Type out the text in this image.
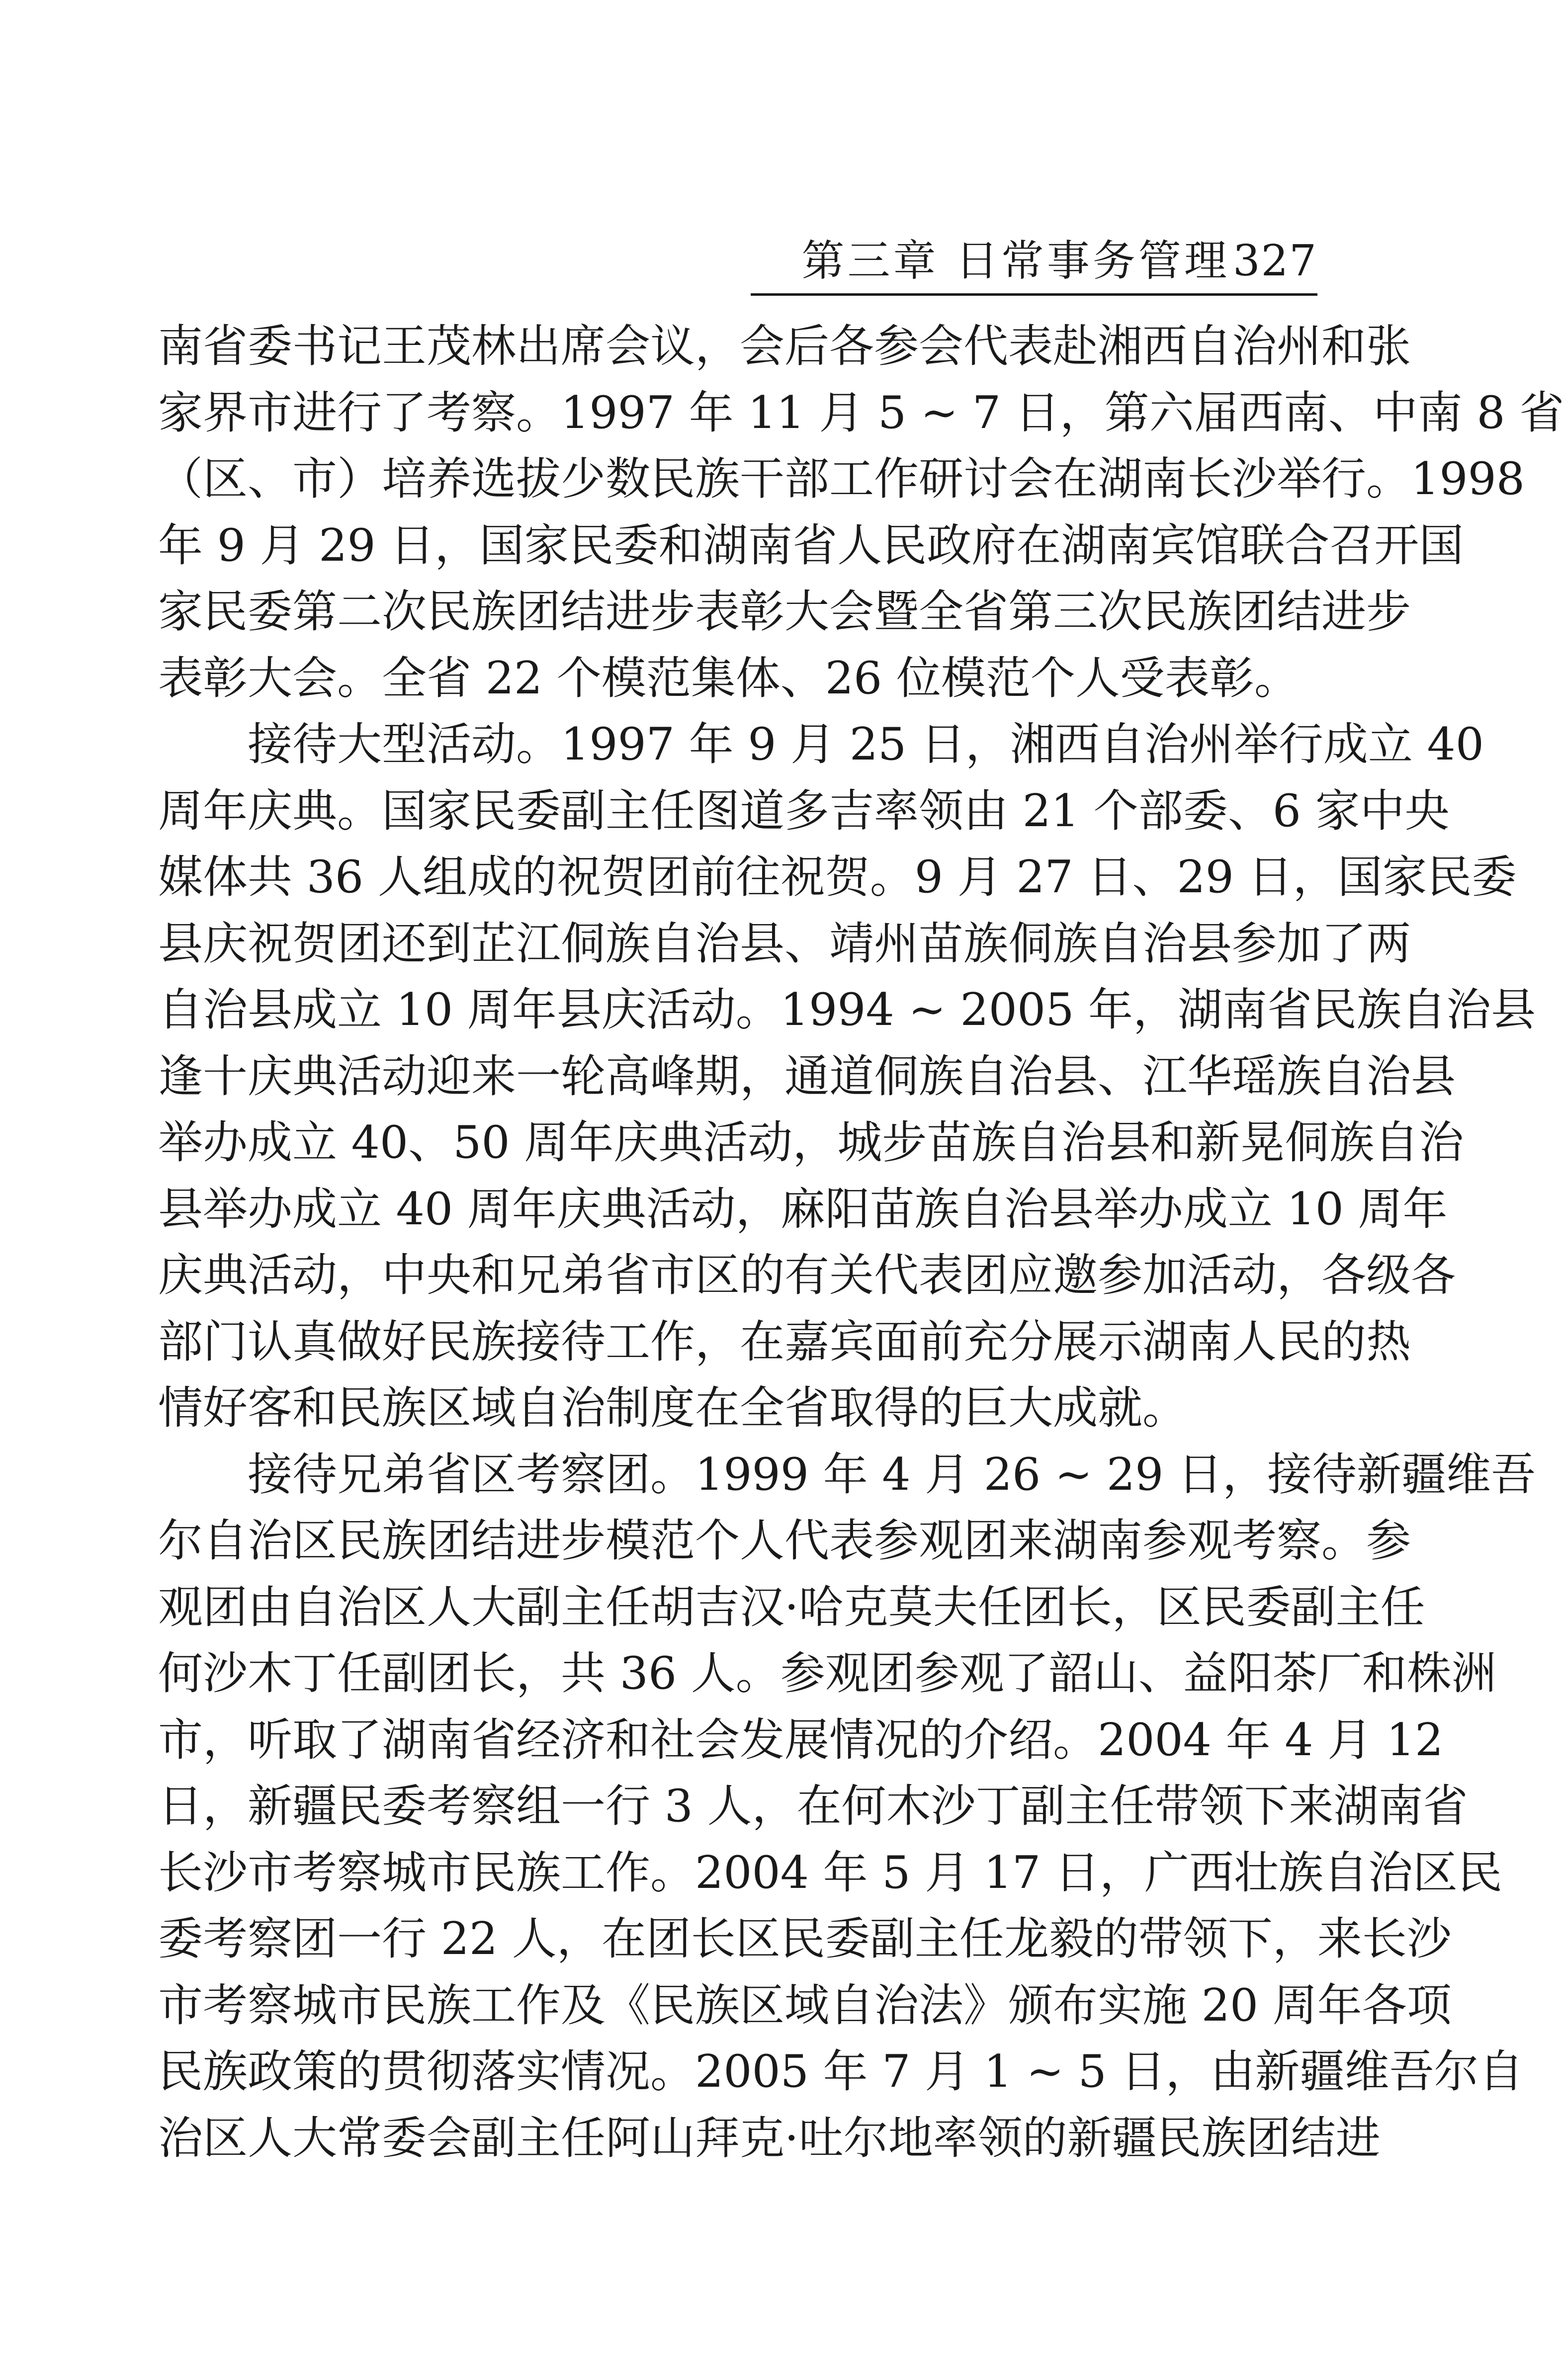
第三章 日常事务管理327
南省委书记王茂林出席会议，会后各参会代表赴湘西自治州和张
家界市进行了考察。1997 年 11 月 5 ~ 7 日，第六届西南、中南 8 省
（区、市）培养选拔少数民族干部工作研讨会在湖南长沙举行。1998
年 9 月 29 日，国家民委和湖南省人民政府在湖南宾馆联合召开国
家民委第二次民族团结进步表彰大会暨全省第三次民族团结进步
表彰大会。全省 22 个模范集体、26 位模范个人受表彰。
接待大型活动。1997 年 9 月 25 日，湘西自治州举行成立 40
周年庆典。国家民委副主任图道多吉率领由 21 个部委、6 家中央
媒体共 36 人组成的祝贺团前往祝贺。9 月 27 日、29 日，国家民委
县庆祝贺团还到芷江侗族自治县、靖州苗族侗族自治县参加了两
自治县成立 10 周年县庆活动。1994 ~ 2005 年，湖南省民族自治县
逢十庆典活动迎来一轮高峰期，通道侗族自治县、江华瑶族自治县
举办成立 40、50 周年庆典活动，城步苗族自治县和新晃侗族自治
县举办成立 40 周年庆典活动，麻阳苗族自治县举办成立 10 周年
庆典活动，中央和兄弟省市区的有关代表团应邀参加活动，各级各
部门认真做好民族接待工作，在嘉宾面前充分展示湖南人民的热
情好客和民族区域自治制度在全省取得的巨大成就。
接待兄弟省区考察团。1999 年 4 月 26 ~ 29 日，接待新疆维吾
尔自治区民族团结进步模范个人代表参观团来湖南参观考察。参
观团由自治区人大副主任胡吉汉·哈克莫夫任团长，区民委副主任
何沙木丁任副团长，共 36 人。参观团参观了韶山、益阳茶厂和株洲
市，听取了湖南省经济和社会发展情况的介绍。2004 年 4 月 12
日，新疆民委考察组一行 3 人，在何木沙丁副主任带领下来湖南省
长沙市考察城市民族工作。2004 年 5 月 17 日，广西壮族自治区民
委考察团一行 22 人，在团长区民委副主任龙毅的带领下，来长沙
市考察城市民族工作及《民族区域自治法》颁布实施 20 周年各项
民族政策的贯彻落实情况。2005 年 7 月 1 ~ 5 日，由新疆维吾尔自
治区人大常委会副主任阿山拜克·吐尔地率领的新疆民族团结进
